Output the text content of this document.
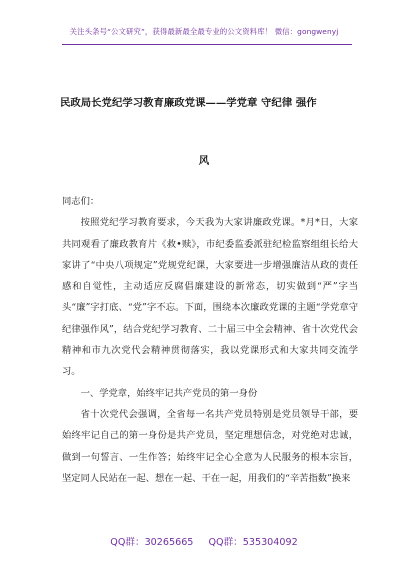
关注头条号“公文研究”，获得最新最全最专业的公文资料库！ 微信：gongwenyj
民政局长党纪学习教育廉政党课——学党章 守纪律 强作
风

同志们：

按照党纪学习教育要求，今天我为大家讲廉政党课。*月*日，大家共同观看了廉政教育片《救•赎》，市纪委监委派驻纪检监察组组长给大家讲了“中央八项规定”党规党纪课，大家要进一步增强廉洁从政的责任感和自觉性，主动适应反腐倡廉建设的新常态，切实做到“严”字当头“廉”字打底、“党”字不忘。下面，围绕本次廉政党课的主题“学党章守纪律强作风”，结合党纪学习教育、二十届三中全会精神、省十次党代会精神和市九次党代会精神贯彻落实，我以党课形式和大家共同交流学习。

一、学党章，始终牢记共产党员的第一身份

省十次党代会强调，全省每一名共产党员特别是党员领导干部，要始终牢记自己的第一身份是共产党员，坚定理想信念，对党绝对忠诚，做到一句誓言、一生作答；始终牢记全心全意为人民服务的根本宗旨，坚定同人民站在一起、想在一起、干在一起，用我们的“辛苦指数”换来

QQ群：30265665 QQ群：535304092
